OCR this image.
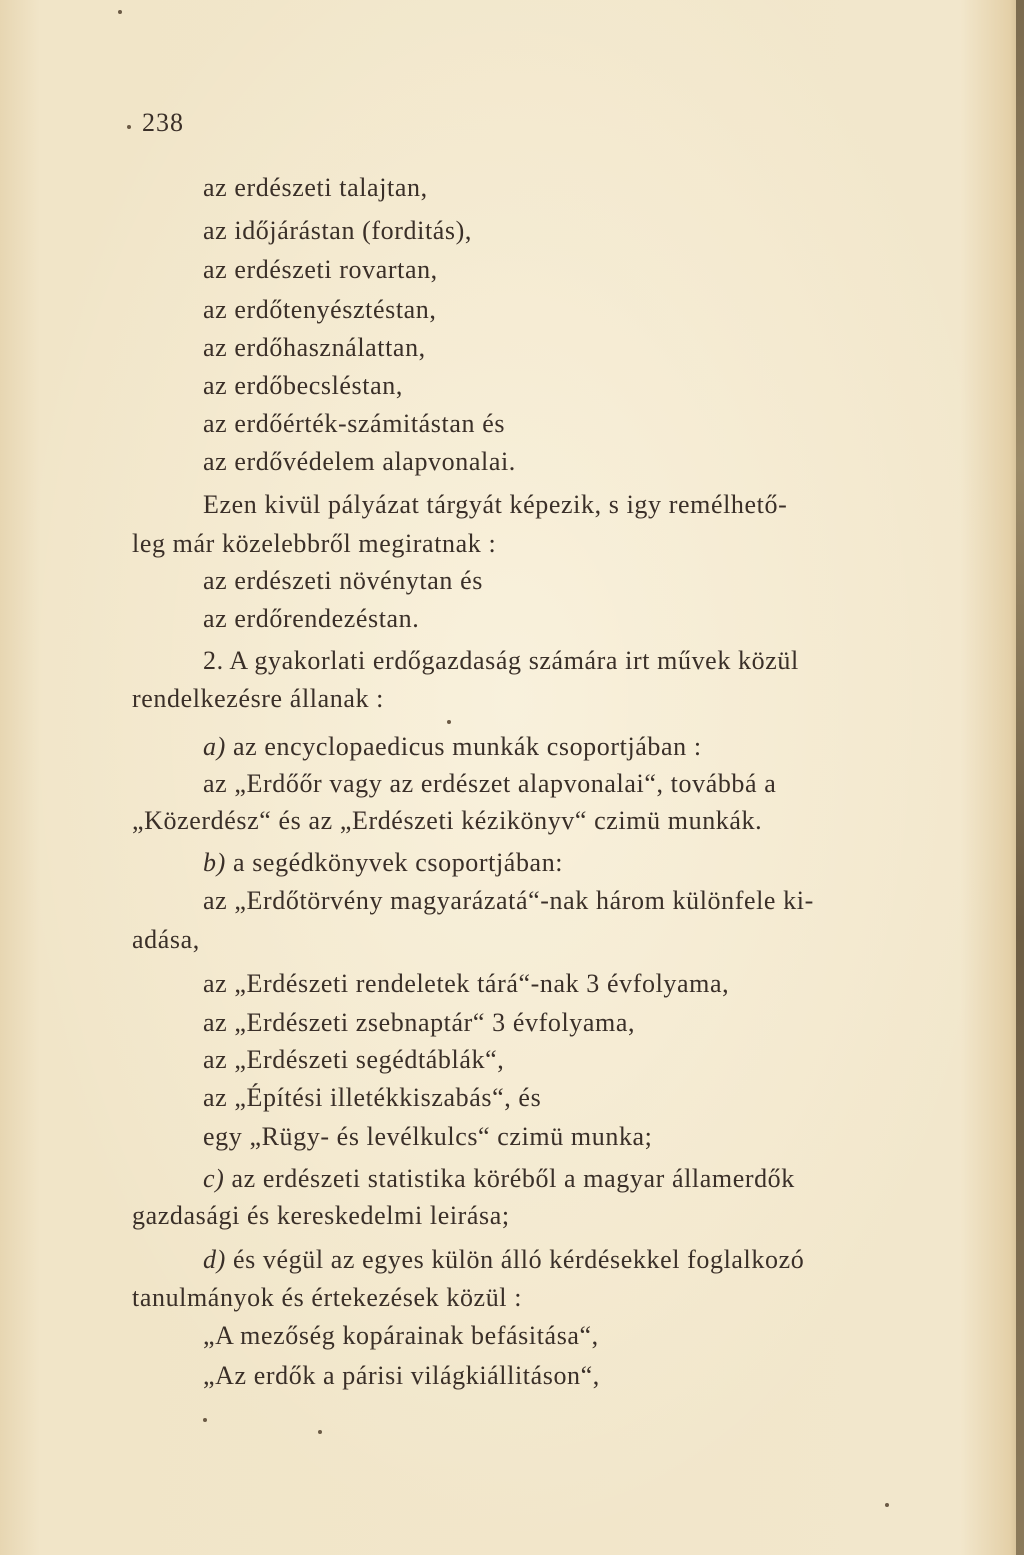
238
az erdészeti talajtan,
az időjárástan (forditás),
az erdészeti rovartan,
az erdőtenyésztéstan,
az erdőhasználattan,
az erdőbecsléstan,
az erdőérték-számitástan és
az erdővédelem alapvonalai.
Ezen kivül pályázat tárgyát képezik, s igy remélhető-
leg már közelebbről megiratnak :
az erdészeti növénytan és
az erdőrendezéstan.
2. A gyakorlati erdőgazdaság számára irt művek közül
rendelkezésre állanak :
a) az encyclopaedicus munkák csoportjában :
az „Erdőőr vagy az erdészet alapvonalai“, továbbá a
„Közerdész“ és az „Erdészeti kézikönyv“ czimü munkák.
b) a segédkönyvek csoportjában:
az „Erdőtörvény magyarázatá“-nak három különfele ki-
adása,
az „Erdészeti rendeletek tárá“-nak 3 évfolyama,
az „Erdészeti zsebnaptár“ 3 évfolyama,
az „Erdészeti segédtáblák“,
az „Építési illetékkiszabás“, és
egy „Rügy- és levélkulcs“ czimü munka;
c) az erdészeti statistika köréből a magyar államerdők
gazdasági és kereskedelmi leirása;
d) és végül az egyes külön álló kérdésekkel foglalkozó
tanulmányok és értekezések közül :
„A mezőség kopárainak befásitása“,
„Az erdők a párisi világkiállitáson“,
